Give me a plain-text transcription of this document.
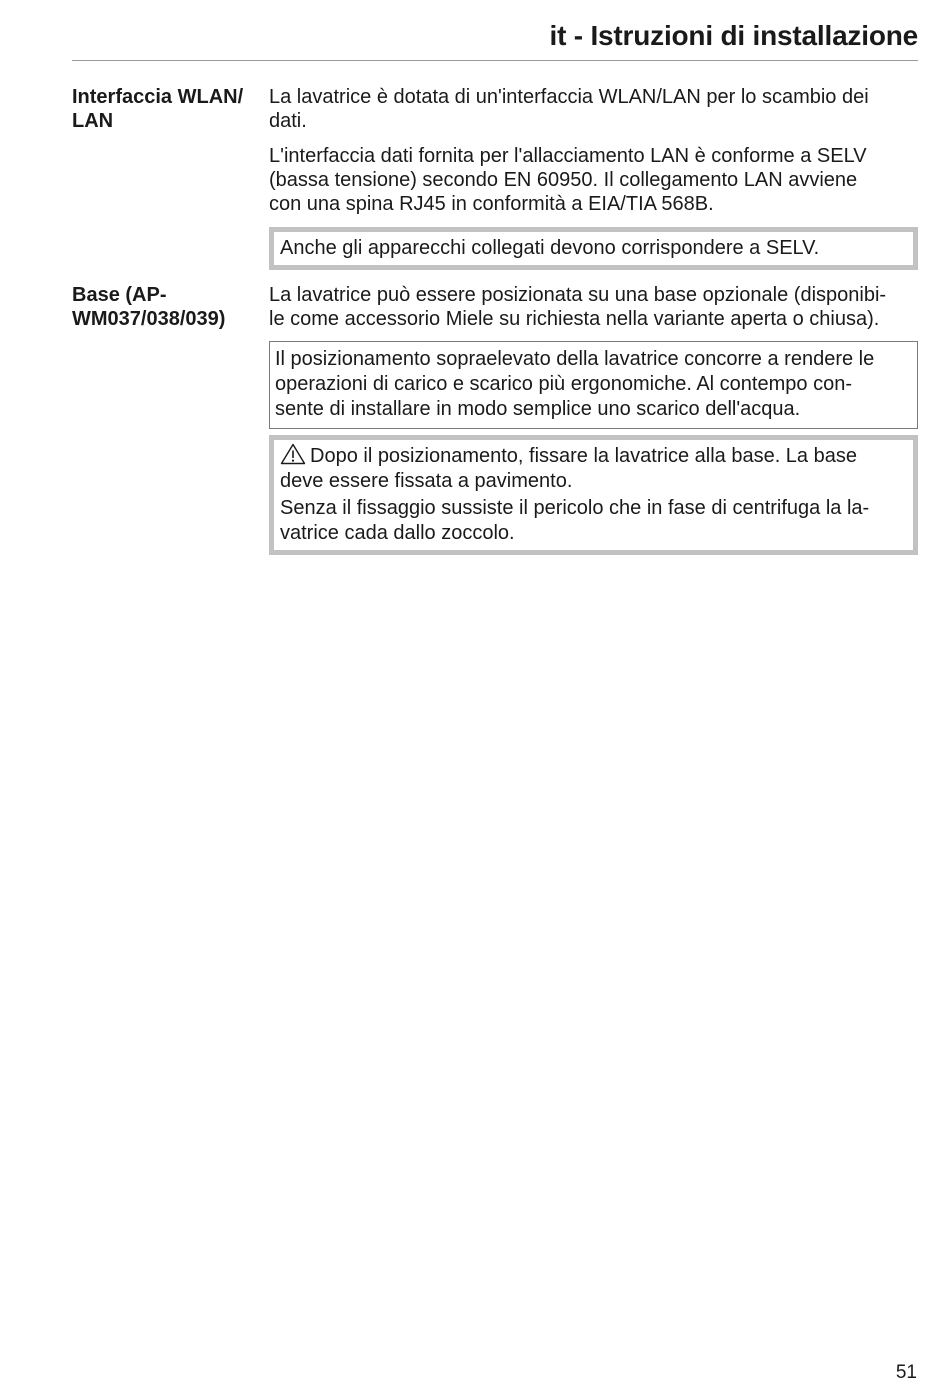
it - Istruzioni di installazione
Interfaccia WLAN/
LAN

La lavatrice è dotata di un'interfaccia WLAN/LAN per lo scambio dei
dati.

L'interfaccia dati fornita per l'allacciamento LAN è conforme a SELV
(bassa tensione) secondo EN 60950. Il collegamento LAN avviene
con una spina RJ45 in conformità a EIA/TIA 568B.

Anche gli apparecchi collegati devono corrispondere a SELV.
Base (AP-
WM037/038/039)

La lavatrice può essere posizionata su una base opzionale (disponibi-
le come accessorio Miele su richiesta nella variante aperta o chiusa).

Il posizionamento sopraelevato della lavatrice concorre a rendere le
operazioni di carico e scarico più ergonomiche. Al contempo con-
sente di installare in modo semplice uno scarico dell'acqua.

Dopo il posizionamento, fissare la lavatrice alla base. La base
deve essere fissata a pavimento.

Senza il fissaggio sussiste il pericolo che in fase di centrifuga la la-
vatrice cada dallo zoccolo.

51
